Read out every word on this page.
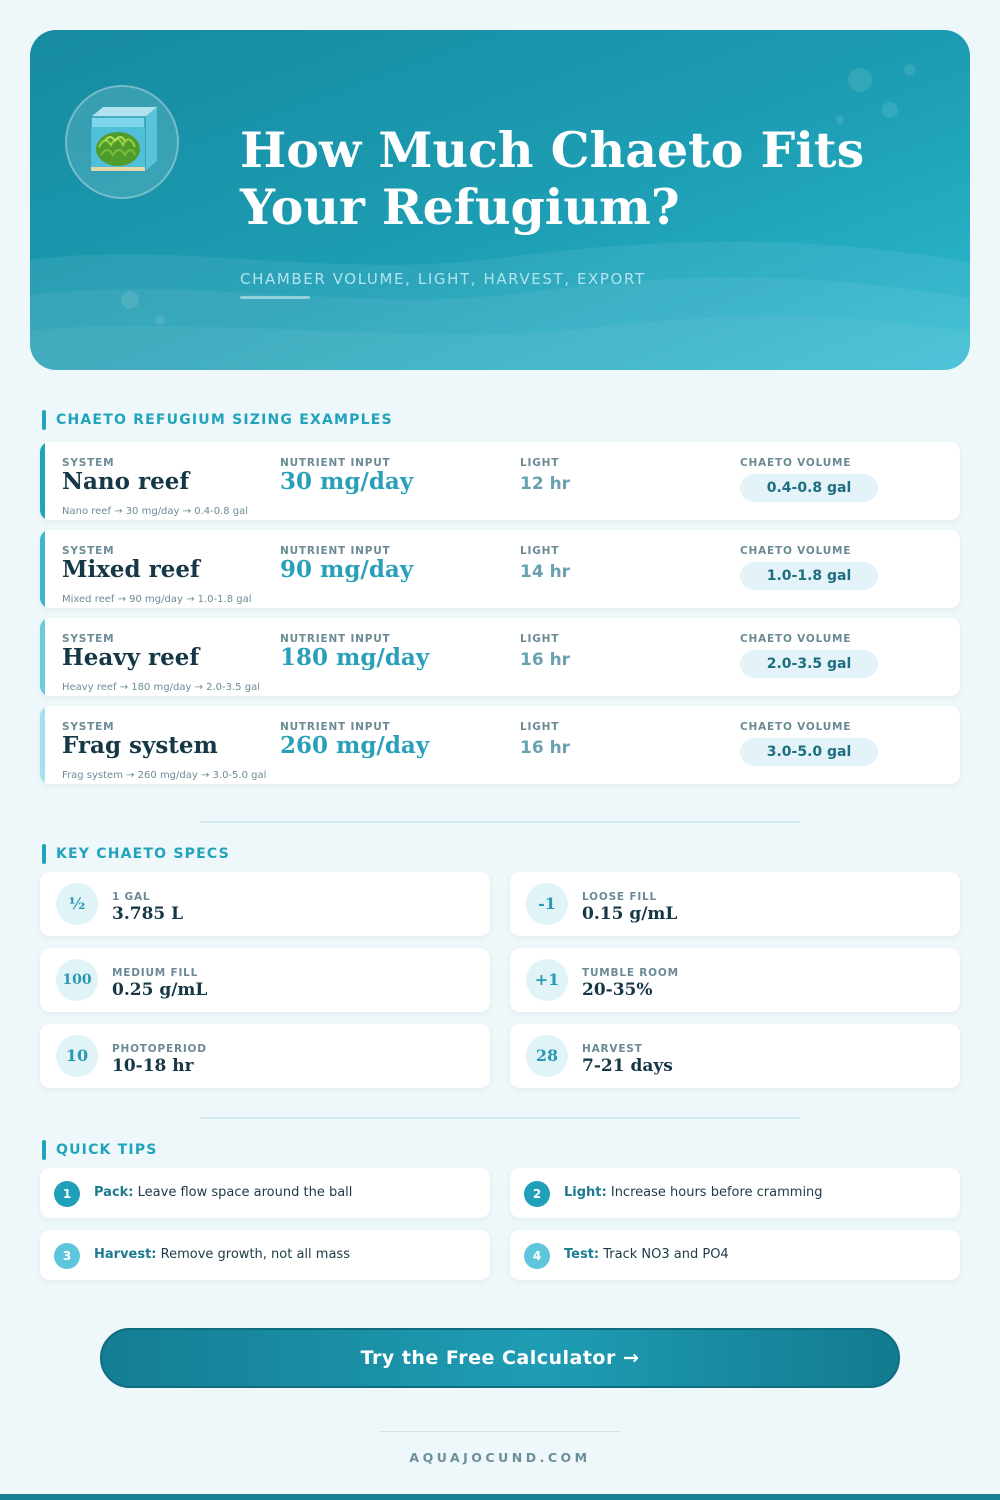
How Much Chaeto Fits
Your Refugium?
CHAMBER VOLUME, LIGHT, HARVEST, EXPORT
CHAETO REFUGIUM SIZING EXAMPLES
SYSTEM	NUTRIENT INPUT	LIGHT	CHAETO VOLUME
Nano reef	30 mg/day	12 hr	0.4-0.8 gal
Nano reef → 30 mg/day → 0.4-0.8 gal
SYSTEM	NUTRIENT INPUT	LIGHT	CHAETO VOLUME
Mixed reef	90 mg/day	14 hr	1.0-1.8 gal
Mixed reef → 90 mg/day → 1.0-1.8 gal
SYSTEM	NUTRIENT INPUT	LIGHT	CHAETO VOLUME
Heavy reef	180 mg/day	16 hr	2.0-3.5 gal
Heavy reef → 180 mg/day → 2.0-3.5 gal
SYSTEM	NUTRIENT INPUT	LIGHT	CHAETO VOLUME
Frag system	260 mg/day	16 hr	3.0-5.0 gal
Frag system → 260 mg/day → 3.0-5.0 gal
KEY CHAETO SPECS
½	1 GAL
3.785 L
-1	LOOSE FILL
0.15 g/mL
100	MEDIUM FILL
0.25 g/mL
+1	TUMBLE ROOM
20-35%
10	PHOTOPERIOD
10-18 hr
28	HARVEST
7-21 days
QUICK TIPS
1	Pack: Leave flow space around the ball	2	Light: Increase hours before cramming
3	Harvest: Remove growth, not all mass	4	Test: Track NO3 and PO4
Try the Free Calculator →
AQUAJOCUND.COM
